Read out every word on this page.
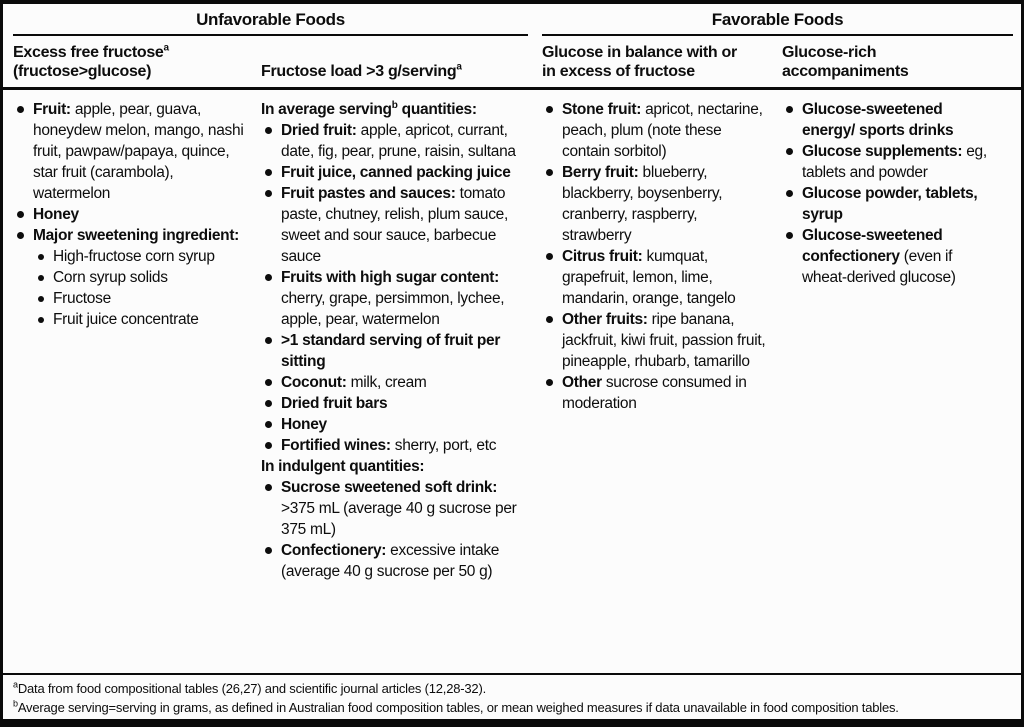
Unfavorable Foods	Favorable Foods
Excess free fructose$^a$
(fructose>glucose)	Fructose load >3 g/serving$^a$
Glucose in balance with or
in excess of fructose
Glucose-rich accompaniments
Fruit: apple, pear, guava, honeydew melon, mango, nashi fruit, pawpaw/papaya, quince, star fruit (carambola), watermelon
Honey
Major sweetening ingredient:
High-fructose corn syrup
Corn syrup solids
Fructose
Fruit juice concentrate
In average serving$^b$ quantities:
Dried fruit: apple, apricot, currant, date, fig, pear, prune, raisin, sultana
Fruit juice, canned packing juice
Fruit pastes and sauces: tomato paste, chutney, relish, plum sauce, sweet and sour sauce, barbecue sauce
Fruits with high sugar content: cherry, grape, persimmon, lychee, apple, pear, watermelon
>1 standard serving of fruit per sitting
Coconut: milk, cream
Dried fruit bars
Honey
Fortified wines: sherry, port, etc
In indulgent quantities:
Sucrose sweetened soft drink: >375 mL (average 40 g sucrose per 375 mL)
Confectionery: excessive intake (average 40 g sucrose per 50 g)
Stone fruit: apricot, nectarine, peach, plum (note these contain sorbitol)
Berry fruit: blueberry, blackberry, boysenberry, cranberry, raspberry, strawberry
Citrus fruit: kumquat, grapefruit, lemon, lime, mandarin, orange, tangelo
Other fruits: ripe banana, jackfruit, kiwi fruit, passion fruit, pineapple, rhubarb, tamarillo
Other sucrose consumed in moderation
Glucose-sweetened energy/ sports drinks
Glucose supplements: eg, tablets and powder
Glucose powder, tablets, syrup
Glucose-sweetened confectionery (even if wheat-derived glucose)
$^a$Data from food compositional tables (26,27) and scientific journal articles (12,28-32).
$^b$Average serving=serving in grams, as defined in Australian food composition tables, or mean weighed measures if data unavailable in food composition tables.
